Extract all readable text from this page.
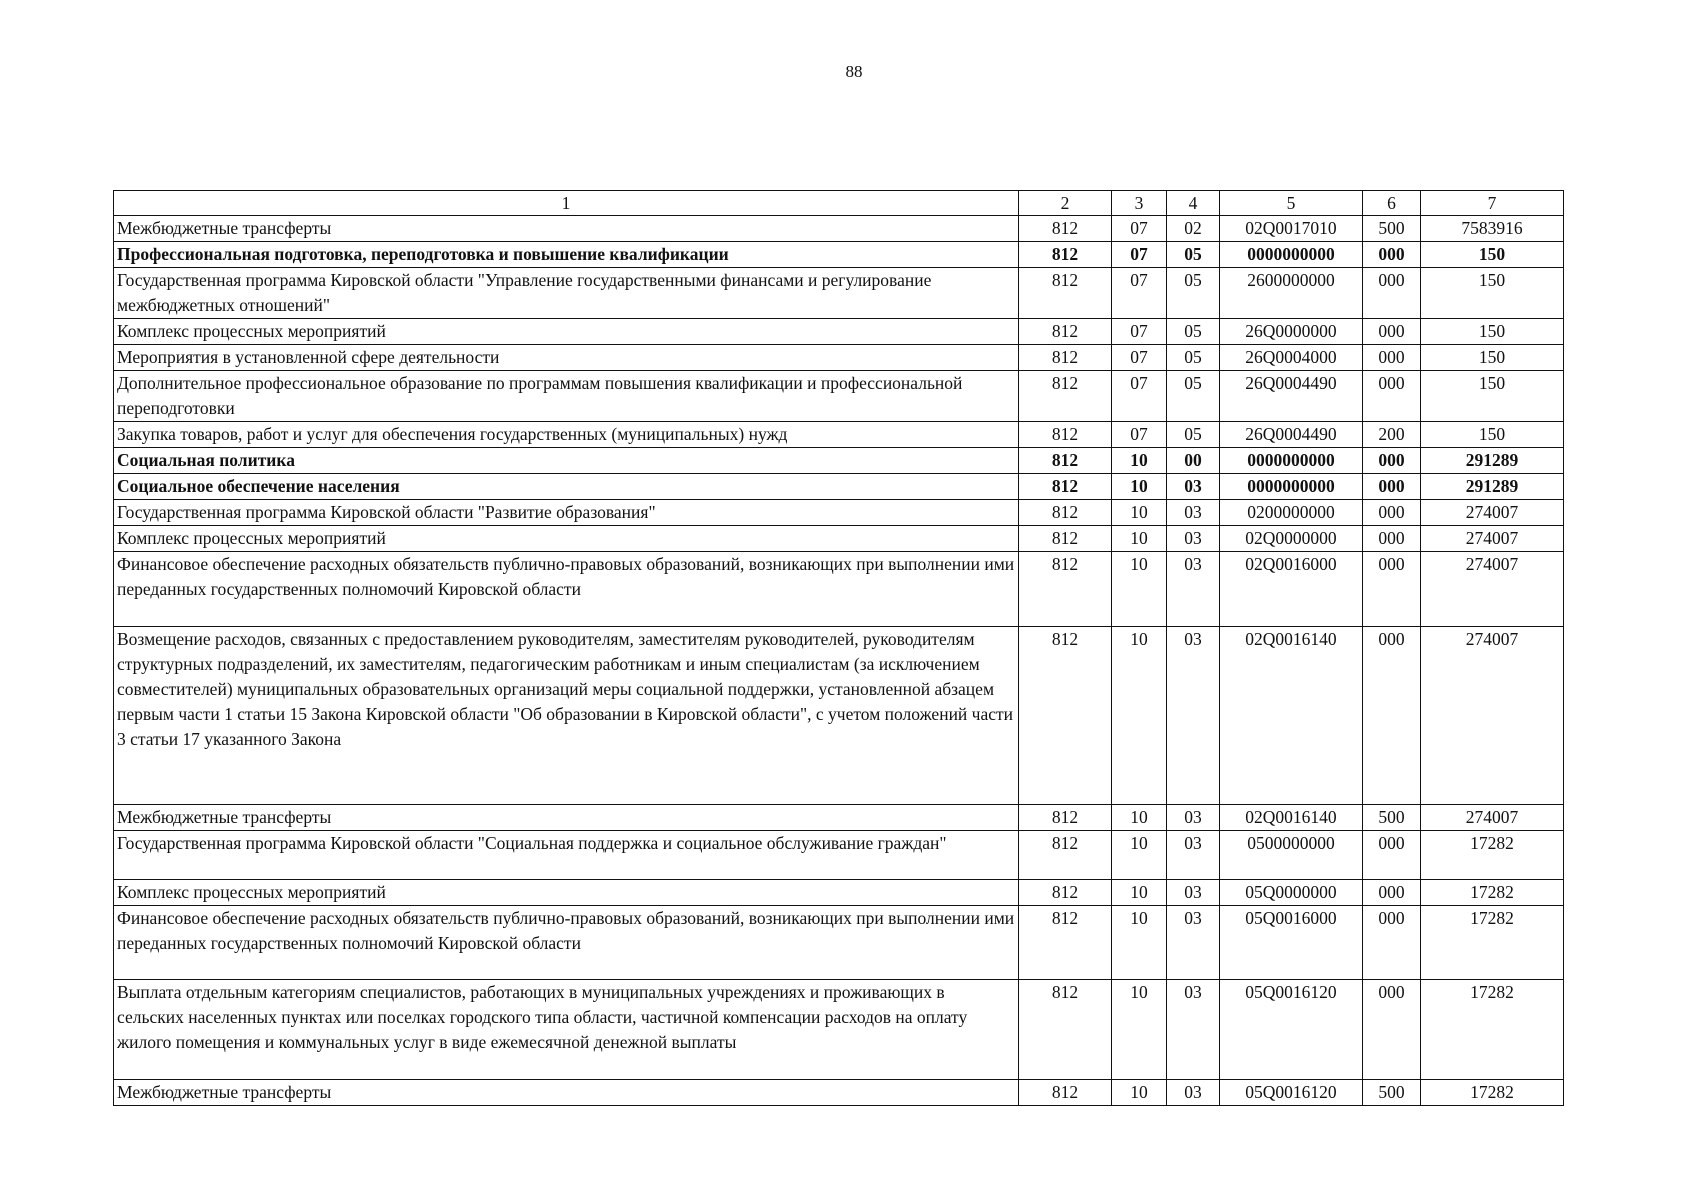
88
1	2	3	4	5	6	7
Межбюджетные трансферты	812	07	02	02Q0017010	500	7583916
Профессиональная подготовка, переподготовка и повышение квалификации	812	07	05	0000000000	000	150
Государственная программа Кировской области "Управление государственными финансами и регулирование межбюджетных отношений"	812	07	05	2600000000	000	150
Комплекс процессных мероприятий	812	07	05	26Q0000000	000	150
Мероприятия в установленной сфере деятельности	812	07	05	26Q0004000	000	150
Дополнительное профессиональное образование по программам повышения квалификации и профессиональной переподготовки	812	07	05	26Q0004490	000	150
Закупка товаров, работ и услуг для обеспечения государственных (муниципальных) нужд	812	07	05	26Q0004490	200	150
Социальная политика	812	10	00	0000000000	000	291289
Социальное обеспечение населения	812	10	03	0000000000	000	291289
Государственная программа Кировской области "Развитие образования"	812	10	03	0200000000	000	274007
Комплекс процессных мероприятий	812	10	03	02Q0000000	000	274007
Финансовое обеспечение расходных обязательств публично-правовых образований, возникающих при выполнении ими переданных государственных полномочий Кировской области	812	10	03	02Q0016000	000	274007
Возмещение расходов, связанных с предоставлением руководителям, заместителям руководителей, руководителям структурных подразделений, их заместителям, педагогическим работникам и иным специалистам (за исключением совместителей) муниципальных образовательных организаций меры социальной поддержки, установленной абзацем первым части 1 статьи 15 Закона Кировской области "Об образовании в Кировской области", с учетом положений части 3 статьи 17 указанного Закона	812	10	03	02Q0016140	000	274007
Межбюджетные трансферты	812	10	03	02Q0016140	500	274007
Государственная программа Кировской области "Социальная поддержка и социальное обслуживание граждан"	812	10	03	0500000000	000	17282
Комплекс процессных мероприятий	812	10	03	05Q0000000	000	17282
Финансовое обеспечение расходных обязательств публично-правовых образований, возникающих при выполнении ими переданных государственных полномочий Кировской области	812	10	03	05Q0016000	000	17282
Выплата отдельным категориям специалистов, работающих в муниципальных учреждениях и проживающих в сельских населенных пунктах или поселках городского типа области, частичной компенсации расходов на оплату жилого помещения и коммунальных услуг в виде ежемесячной денежной выплаты	812	10	03	05Q0016120	000	17282
Межбюджетные трансферты	812	10	03	05Q0016120	500	17282
